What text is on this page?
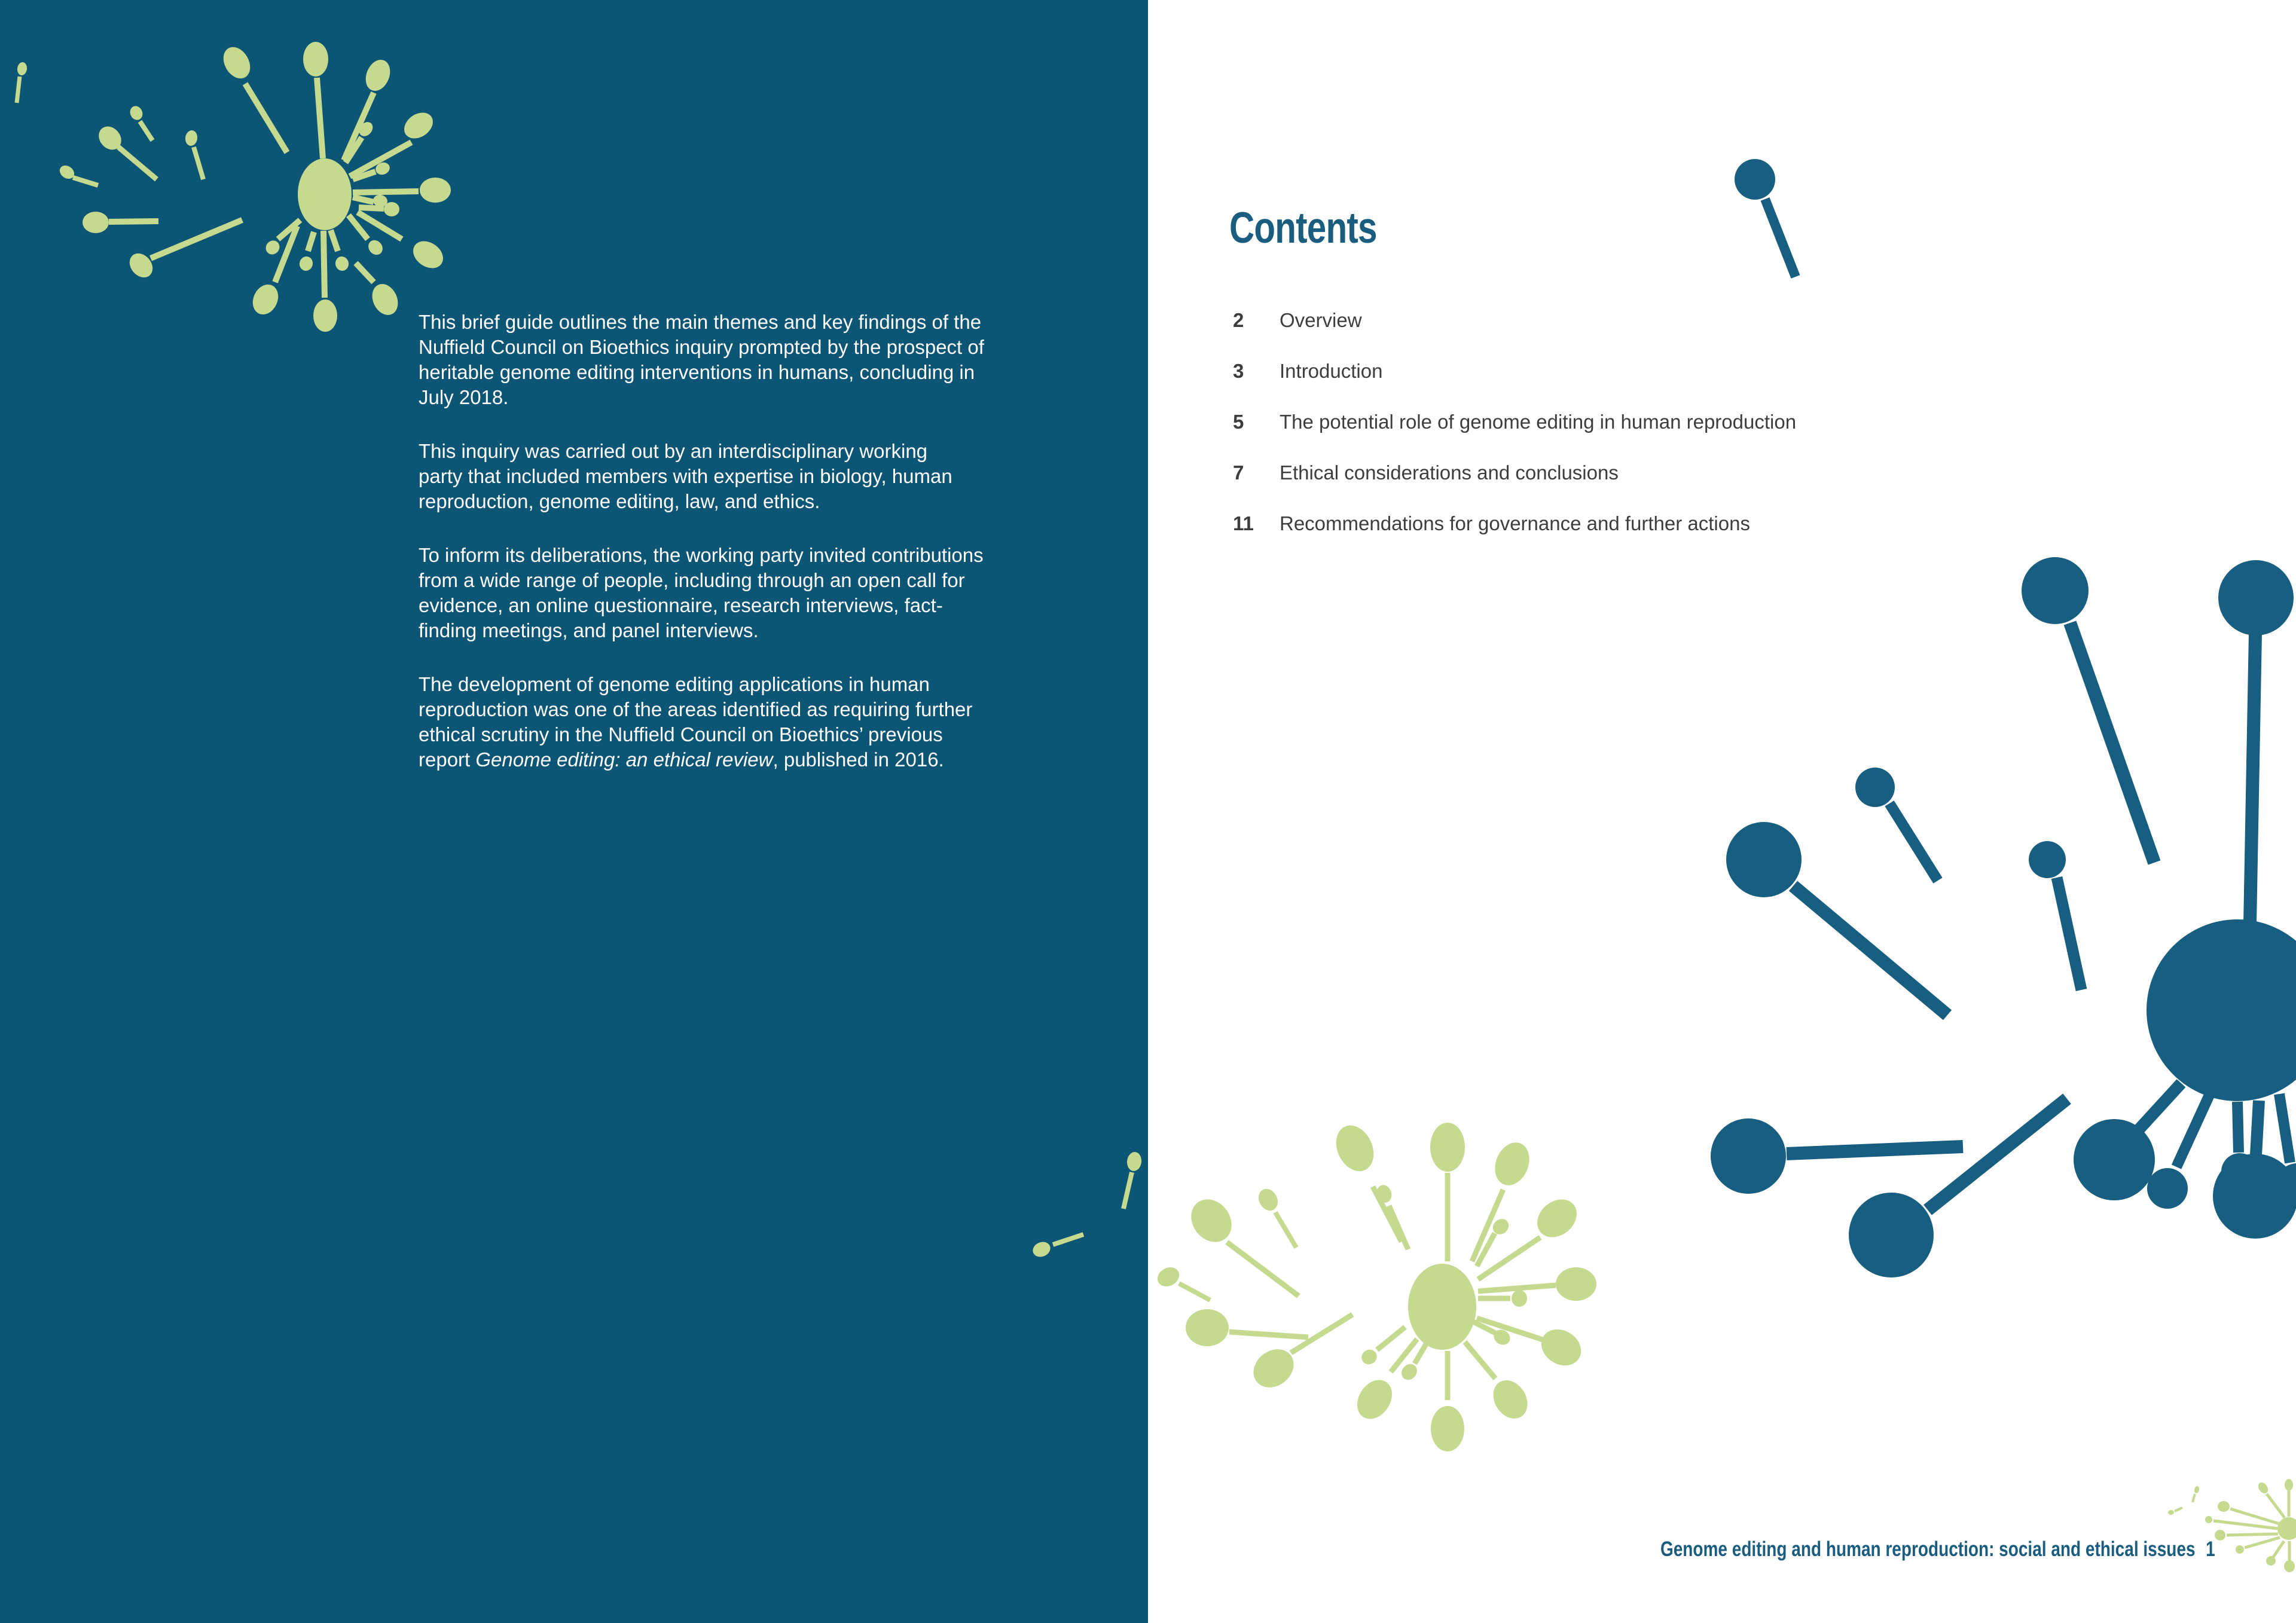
This brief guide outlines the main themes and key findings of the
Nuffield Council on Bioethics inquiry prompted by the prospect of
heritable genome editing interventions in humans, concluding in
July 2018.

This inquiry was carried out by an interdisciplinary working
party that included members with expertise in biology, human
reproduction, genome editing, law, and ethics.

To inform its deliberations, the working party invited contributions
from a wide range of people, including through an open call for
evidence, an online questionnaire, research interviews, fact-
finding meetings, and panel interviews.

The development of genome editing applications in human
reproduction was one of the areas identified as requiring further
ethical scrutiny in the Nuffield Council on Bioethics’ previous
report Genome editing: an ethical review, published in 2016.

Contents
2	Overview
3	Introduction
5	The potential role of genome editing in human reproduction
7	Ethical considerations and conclusions
11	Recommendations for governance and further actions
Genome editing and human reproduction: social and ethical issues 1
